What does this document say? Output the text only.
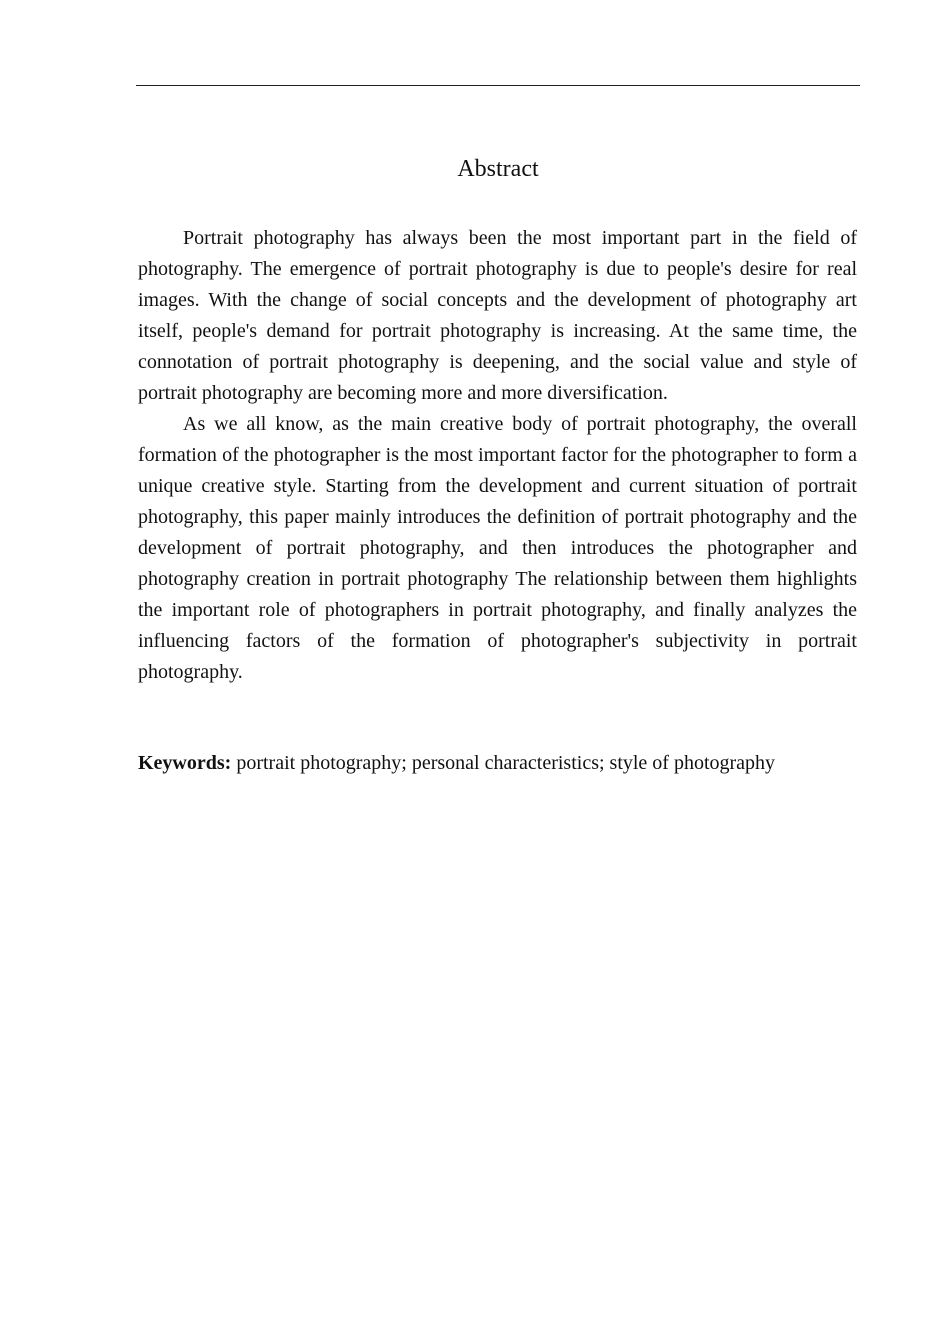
Abstract

Portrait photography has always been the most important part in the field of photography. The emergence of portrait photography is due to people's desire for real images. With the change of social concepts and the development of photography art itself, people's demand for portrait photography is increasing. At the same time, the connotation of portrait photography is deepening, and the social value and style of portrait photography are becoming more and more diversification.

As we all know, as the main creative body of portrait photography, the overall formation of the photographer is the most important factor for the photographer to form a unique creative style. Starting from the development and current situation of portrait photography, this paper mainly introduces the definition of portrait photography and the development of portrait photography, and then introduces the photographer and photography creation in portrait photography The relationship between them highlights the important role of photographers in portrait photography, and finally analyzes the influencing factors of the formation of photographer's subjectivity in portrait photography.

Keywords: portrait photography; personal characteristics; style of photography
